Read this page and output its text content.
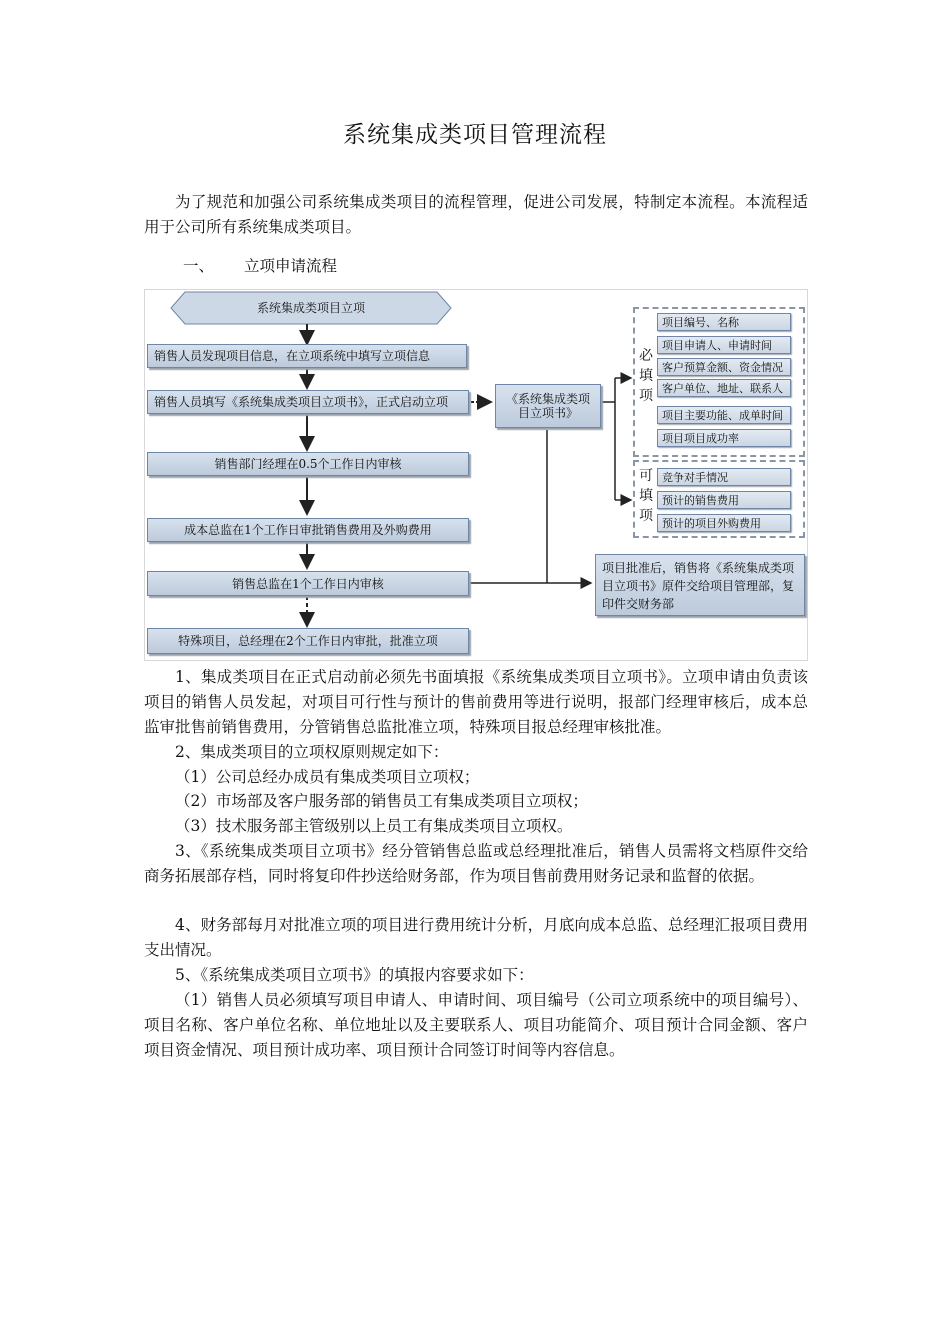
系统集成类项目管理流程

为了规范和加强公司系统集成类项目的流程管理，促进公司发展，特制定本流程。本流程适用于公司所有系统集成类项目。

一、 立项申请流程
系统集成类项目立项
销售人员发现项目信息，在立项系统中填写立项信息
销售人员填写《系统集成类项目立项书》，正式启动立项
销售部门经理在0.5个工作日内审核
成本总监在1个工作日审批销售费用及外购费用
销售总监在1个工作日内审核
特殊项目，总经理在2个工作日内审批，批准立项
《系统集成类项目立项书》
项目批准后，销售将《系统集成类项目立项书》原件交给项目管理部，复印件交财务部
必填项
项目编号、名称
项目申请人、申请时间
客户预算金额、资金情况
客户单位、地址、联系人
项目主要功能、成单时间
项目项目成功率
可填项
竞争对手情况
预计的销售费用
预计的项目外购费用

1、集成类项目在正式启动前必须先书面填报《系统集成类项目立项书》。立项申请由负责该项目的销售人员发起，对项目可行性与预计的售前费用等进行说明，报部门经理审核后，成本总监审批售前销售费用，分管销售总监批准立项，特殊项目报总经理审核批准。

2、集成类项目的立项权原则规定如下：

（1）公司总经办成员有集成类项目立项权；

（2）市场部及客户服务部的销售员工有集成类项目立项权；

（3）技术服务部主管级别以上员工有集成类项目立项权。

3、《系统集成类项目立项书》经分管销售总监或总经理批准后，销售人员需将文档原件交给商务拓展部存档，同时将复印件抄送给财务部，作为项目售前费用财务记录和监督的依据。

4、财务部每月对批准立项的项目进行费用统计分析，月底向成本总监、总经理汇报项目费用支出情况。

5、《系统集成类项目立项书》的填报内容要求如下：

（1）销售人员必须填写项目申请人、申请时间、项目编号（公司立项系统中的项目编号）、项目名称、客户单位名称、单位地址以及主要联系人、项目功能简介、项目预计合同金额、客户项目资金情况、项目预计成功率、项目预计合同签订时间等内容信息。
